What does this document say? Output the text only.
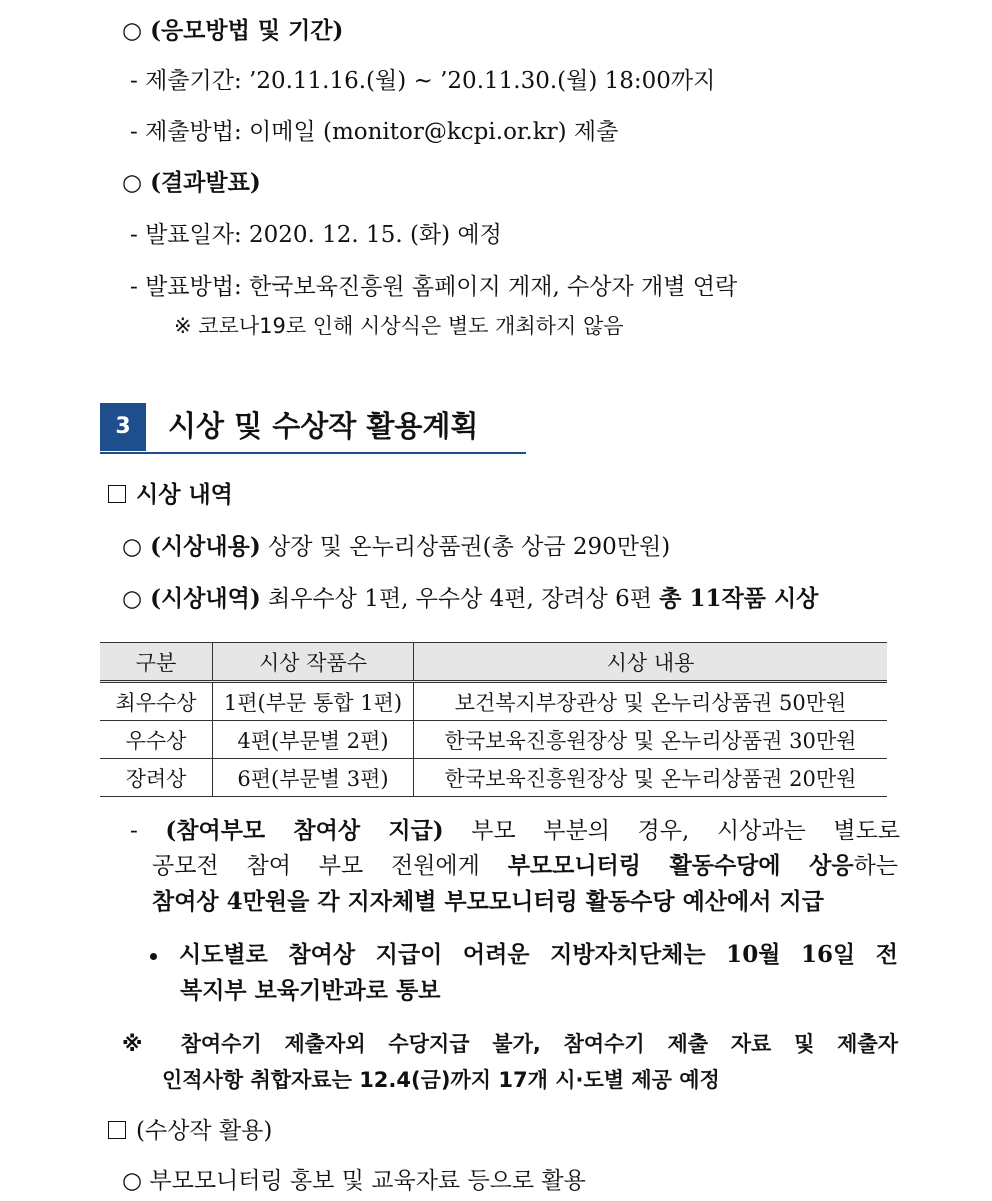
○ (응모방법 및 기간)
- 제출기간: ’20.11.16.(월) ~ ’20.11.30.(월) 18:00까지
- 제출방법: 이메일 (monitor@kcpi.or.kr) 제출
○ (결과발표)
- 발표일자: 2020. 12. 15. (화) 예정
- 발표방법: 한국보육진흥원 홈페이지 게재, 수상자 개별 연락
※ 코로나19로 인해 시상식은 별도 개최하지 않음
3	시상 및 수상작 활용계획
시상 내역
○ (시상내용) 상장 및 온누리상품권(총 상금 290만원)
○ (시상내역) 최우수상 1편, 우수상 4편, 장려상 6편 총 11작품 시상
구분	시상 작품수	시상 내용
최우수상	1편(부문 통합 1편)	보건복지부장관상 및 온누리상품권 50만원
우수상	4편(부문별 2편)	한국보육진흥원장상 및 온누리상품권 30만원
장려상	6편(부문별 3편)	한국보육진흥원장상 및 온누리상품권 20만원
- (참여부모 참여상 지급) 부모 부분의 경우, 시상과는 별도로
공모전 참여 부모 전원에게 부모모니터링 활동수당에 상응하는
참여상 4만원을 각 지자체별 부모모니터링 활동수당 예산에서 지급
시도별로 참여상 지급이 어려운 지방자치단체는 10월 16일 전
복지부 보육기반과로 통보
※ 참여수기 제출자외 수당지급 불가, 참여수기 제출 자료 및 제출자
인적사항 취합자료는 12.4(금)까지 17개 시·도별 제공 예정
(수상작 활용)
○ 부모모니터링 홍보 및 교육자료 등으로 활용
